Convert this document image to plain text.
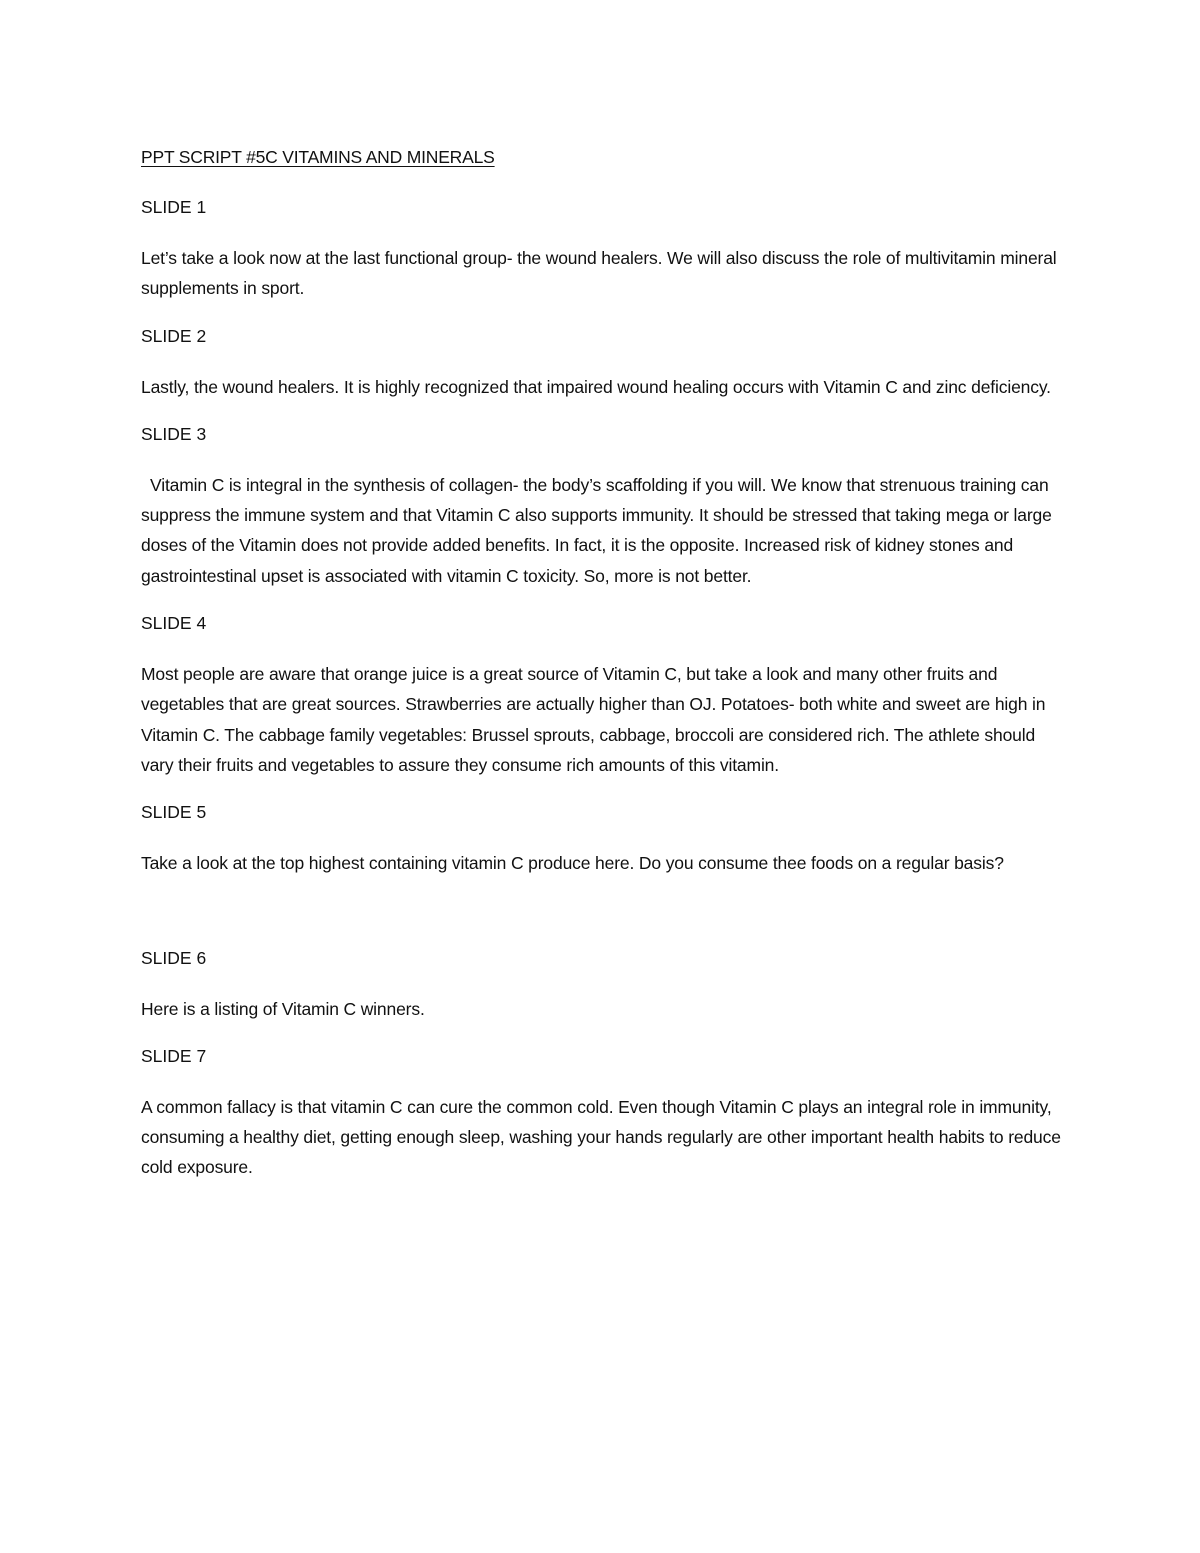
PPT SCRIPT #5C VITAMINS AND MINERALS
SLIDE 1
Let’s take a look now at the last functional group- the wound healers. We will also discuss the role of multivitamin mineral supplements in sport.
SLIDE 2
Lastly, the wound healers. It is highly recognized that impaired wound healing occurs with Vitamin C and zinc deficiency.
SLIDE 3
Vitamin C is integral in the synthesis of collagen- the body’s scaffolding if you will. We know that strenuous training can suppress the immune system and that Vitamin C also supports immunity. It should be stressed that taking mega or large doses of the Vitamin does not provide added benefits. In fact, it is the opposite. Increased risk of kidney stones and gastrointestinal upset is associated with vitamin C toxicity. So, more is not better.
SLIDE 4
Most people are aware that orange juice is a great source of Vitamin C, but take a look and many other fruits and vegetables that are great sources. Strawberries are actually higher than OJ. Potatoes- both white and sweet are high in Vitamin C. The cabbage family vegetables: Brussel sprouts, cabbage, broccoli are considered rich. The athlete should vary their fruits and vegetables to assure they consume rich amounts of this vitamin.
SLIDE 5
Take a look at the top highest containing vitamin C produce here. Do you consume thee foods on a regular basis?
SLIDE 6
Here is a listing of Vitamin C winners.
SLIDE 7
A common fallacy is that vitamin C can cure the common cold. Even though Vitamin C plays an integral role in immunity, consuming a healthy diet, getting enough sleep, washing your hands regularly are other important health habits to reduce cold exposure.
